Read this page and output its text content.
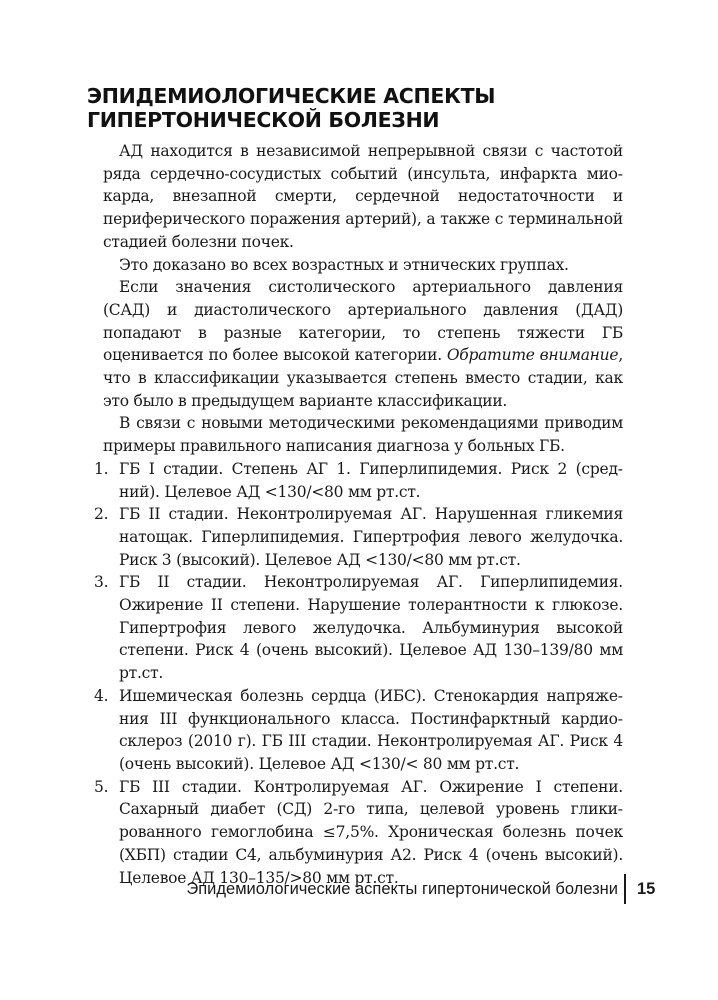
ЭПИДЕМИОЛОГИЧЕСКИЕ АСПЕКТЫ
ГИПЕРТОНИЧЕСКОЙ БОЛЕЗНИ

АД находится в независимой непрерывной связи с частотой ряда сердечно-сосудистых событий (инсульта, инфаркта миокарда, внезапной смерти, сердечной недостаточности и периферического поражения артерий), а также с терминальной стадией болезни почек.

Это доказано во всех возрастных и этнических группах.

Если значения систолического артериального давления (САД) и диастолического артериального давления (ДАД) попадают в разные категории, то степень тяжести ГБ оценивается по более высокой категории. Обратите внимание, что в классификации указывается степень вместо стадии, как это было в предыдущем варианте классификации.

В связи с новыми методическими рекомендациями приводим примеры правильного написания диагноза у больных ГБ.

1. ГБ I стадии. Степень АГ 1. Гиперлипидемия. Риск 2 (средний). Целевое АД <130/<80 мм рт.ст.
2. ГБ II стадии. Неконтролируемая АГ. Нарушенная гликемия натощак. Гиперлипидемия. Гипертрофия левого желудочка. Риск 3 (высокий). Целевое АД <130/<80 мм рт.ст.
3. ГБ II стадии. Неконтролируемая АГ. Гиперлипидемия. Ожирение II степени. Нарушение толерантности к глюкозе. Гипертрофия левого желудочка. Альбуминурия высокой степени. Риск 4 (очень высокий). Целевое АД 130–139/80 мм рт.ст.
4. Ишемическая болезнь сердца (ИБС). Стенокардия напряжения III функционального класса. Постинфарктный кардиосклероз (2010 г). ГБ III стадии. Неконтролируемая АГ. Риск 4 (очень высокий). Целевое АД <130/< 80 мм рт.ст.
5. ГБ III стадии. Контролируемая АГ. Ожирение I степени. Сахарный диабет (СД) 2-го типа, целевой уровень гликированного гемоглобина ≤7,5%. Хроническая болезнь почек (ХБП) стадии С4, альбуминурия А2. Риск 4 (очень высокий). Целевое АД 130–135/>80 мм рт.ст.
Эпидемиологические аспекты гипертонической болезни 15
